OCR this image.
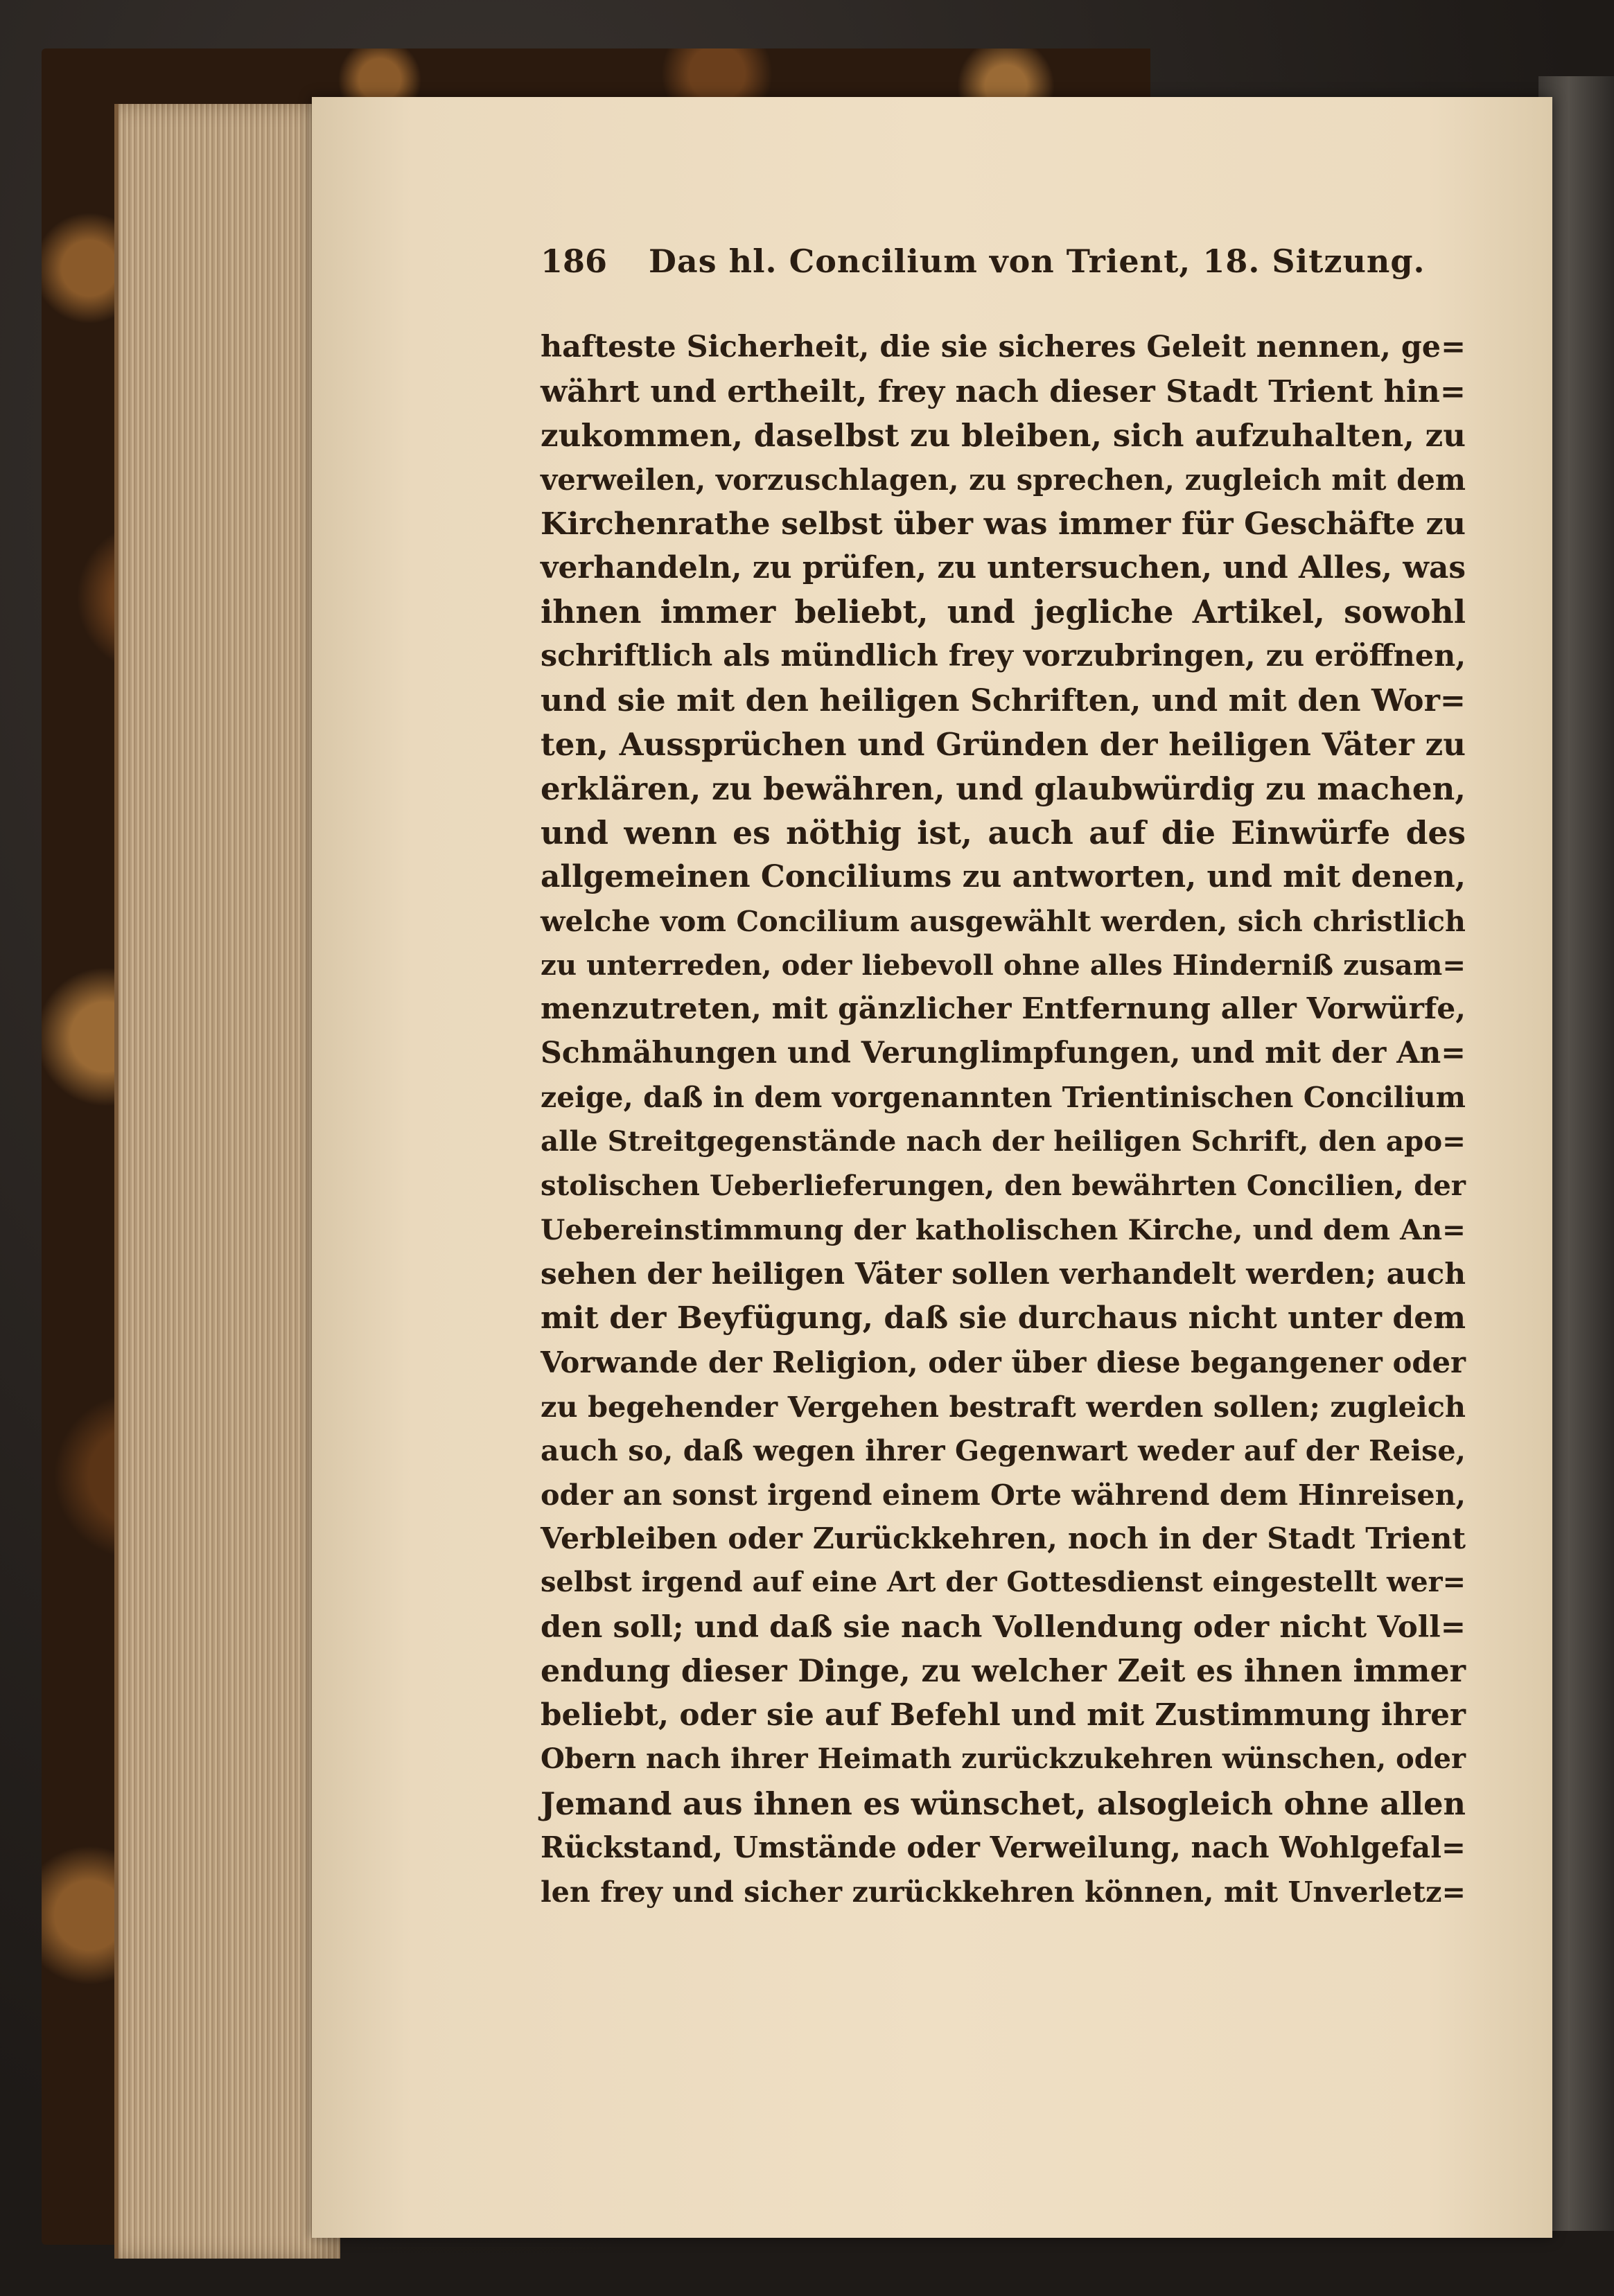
186 Das hl. Concilium von Trient, 18. Sitzung.
hafteste Sicherheit, die sie sicheres Geleit nennen, ge=
währt und ertheilt, frey nach dieser Stadt Trient hin=
zukommen, daselbst zu bleiben, sich aufzuhalten, zu
verweilen, vorzuschlagen, zu sprechen, zugleich mit dem
Kirchenrathe selbst über was immer für Geschäfte zu
verhandeln, zu prüfen, zu untersuchen, und Alles, was
ihnen immer beliebt, und jegliche Artikel, sowohl
schriftlich als mündlich frey vorzubringen, zu eröffnen,
und sie mit den heiligen Schriften, und mit den Wor=
ten, Aussprüchen und Gründen der heiligen Väter zu
erklären, zu bewähren, und glaubwürdig zu machen,
und wenn es nöthig ist, auch auf die Einwürfe des
allgemeinen Conciliums zu antworten, und mit denen,
welche vom Concilium ausgewählt werden, sich christlich
zu unterreden, oder liebevoll ohne alles Hinderniß zusam=
menzutreten, mit gänzlicher Entfernung aller Vorwürfe,
Schmähungen und Verunglimpfungen, und mit der An=
zeige, daß in dem vorgenannten Trientinischen Concilium
alle Streitgegenstände nach der heiligen Schrift, den apo=
stolischen Ueberlieferungen, den bewährten Concilien, der
Uebereinstimmung der katholischen Kirche, und dem An=
sehen der heiligen Väter sollen verhandelt werden; auch
mit der Beyfügung, daß sie durchaus nicht unter dem
Vorwande der Religion, oder über diese begangener oder
zu begehender Vergehen bestraft werden sollen; zugleich
auch so, daß wegen ihrer Gegenwart weder auf der Reise,
oder an sonst irgend einem Orte während dem Hinreisen,
Verbleiben oder Zurückkehren, noch in der Stadt Trient
selbst irgend auf eine Art der Gottesdienst eingestellt wer=
den soll; und daß sie nach Vollendung oder nicht Voll=
endung dieser Dinge, zu welcher Zeit es ihnen immer
beliebt, oder sie auf Befehl und mit Zustimmung ihrer
Obern nach ihrer Heimath zurückzukehren wünschen, oder
Jemand aus ihnen es wünschet, alsogleich ohne allen
Rückstand, Umstände oder Verweilung, nach Wohlgefal=
len frey und sicher zurückkehren können, mit Unverletz=
